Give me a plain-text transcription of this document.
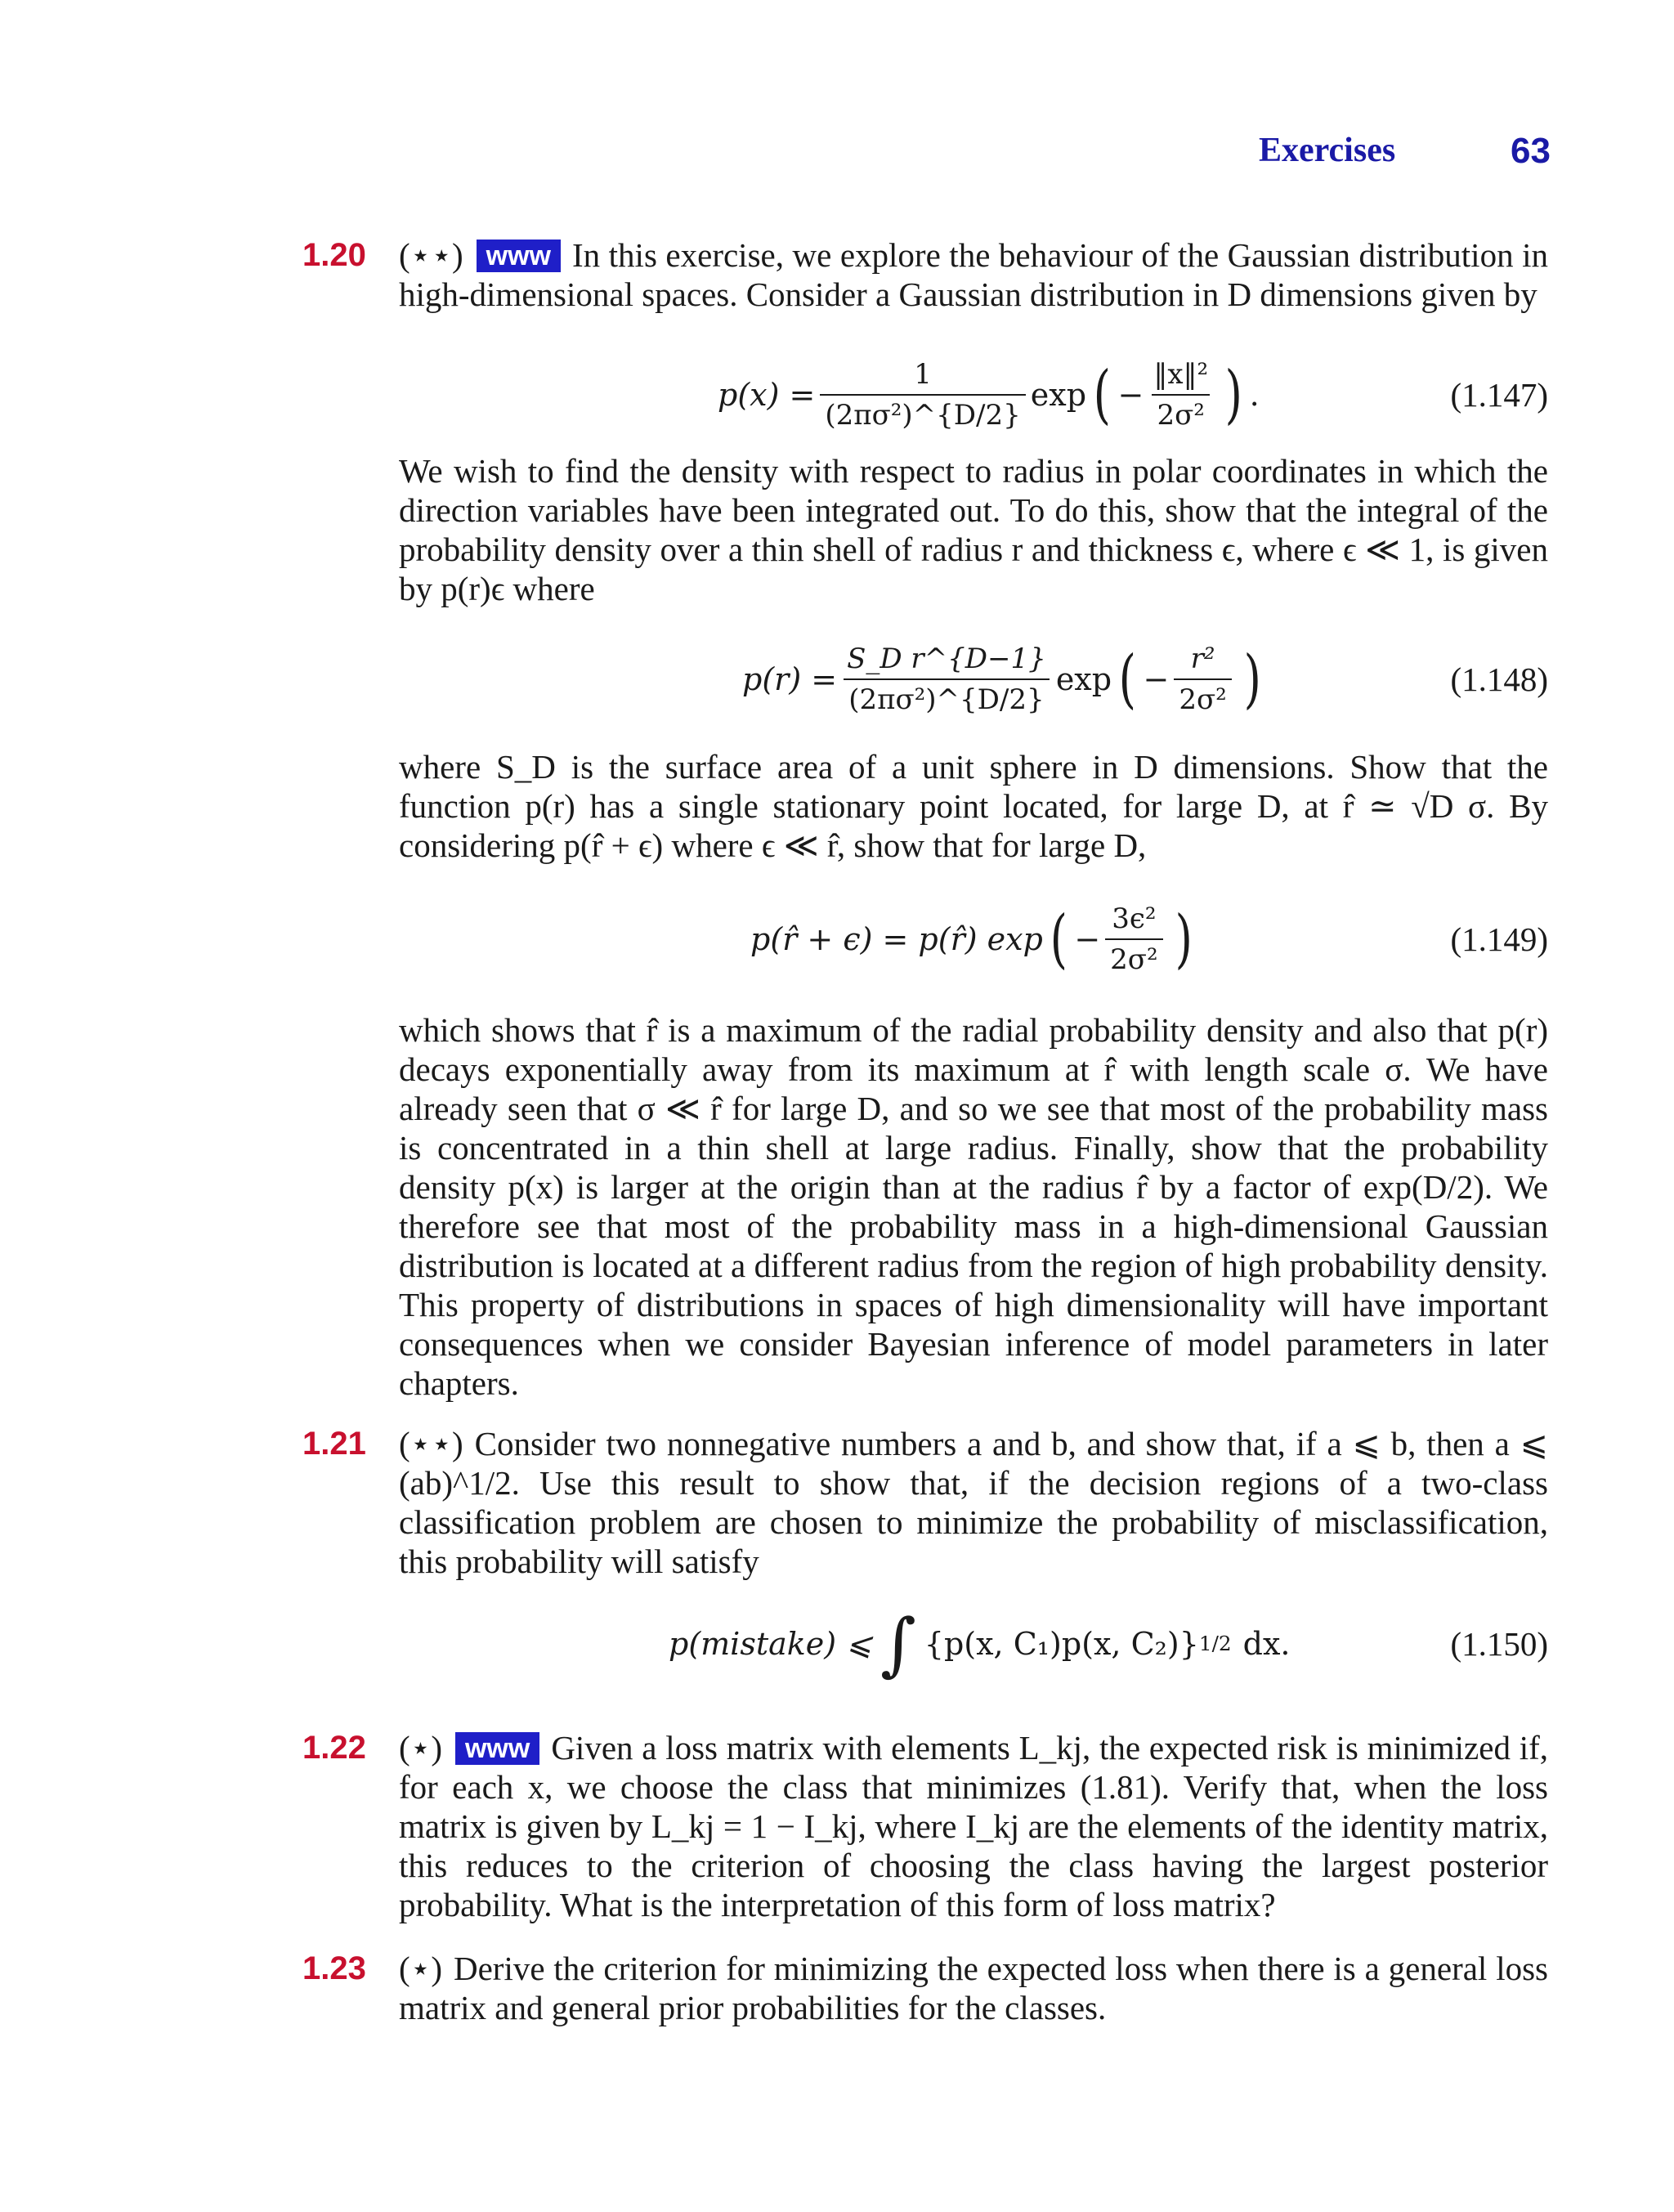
Exercises	63
1.20 (⋆⋆) www In this exercise, we explore the behaviour of the Gaussian distribution in high-dimensional spaces. Consider a Gaussian distribution in D dimensions given by

$p(x) = \frac{1}{\text{(2πσ²)\textasciicircum{}\{D/2\}}}$ exp ( − $\frac{\text{‖x‖²}}{\text{2σ²}}$ ) .	(1.147)

We wish to find the density with respect to radius in polar coordinates in which the direction variables have been integrated out. To do this, show that the integral of the probability density over a thin shell of radius r and thickness ϵ, where ϵ ≪ 1, is given by p(r)ϵ where

$p(r) = \frac{\text{S\_D r\textasciicircum{}\{D−1\}}}{\text{(2πσ²)\textasciicircum{}\{D/2\}}}$ exp ( − $\frac{\text{r²}}{\text{2σ²}}$ )	(1.148)

where S_D is the surface area of a unit sphere in D dimensions. Show that the function p(r) has a single stationary point located, for large D, at r̂ ≃ √D σ. By considering p(r̂ + ϵ) where ϵ ≪ r̂, show that for large D,

p(r̂ + ϵ) = p(r̂) exp ( − $\frac{\text{3ϵ²}}{\text{2σ²}}$ )	(1.149)

which shows that r̂ is a maximum of the radial probability density and also that p(r) decays exponentially away from its maximum at r̂ with length scale σ. We have already seen that σ ≪ r̂ for large D, and so we see that most of the probability mass is concentrated in a thin shell at large radius. Finally, show that the probability density p(x) is larger at the origin than at the radius r̂ by a factor of exp(D/2). We therefore see that most of the probability mass in a high-dimensional Gaussian distribution is located at a different radius from the region of high probability density. This property of distributions in spaces of high dimensionality will have important consequences when we consider Bayesian inference of model parameters in later chapters.

1.21 (⋆⋆) Consider two nonnegative numbers a and b, and show that, if a ⩽ b, then a ⩽ (ab)^1/2. Use this result to show that, if the decision regions of a two-class classification problem are chosen to minimize the probability of misclassification, this probability will satisfy

p(mistake) ⩽ ∫ {p(x, C₁)p(x, C₂)} 1/2 dx.	(1.150)
1.22 (⋆) www Given a loss matrix with elements L_kj, the expected risk is minimized if, for each x, we choose the class that minimizes (1.81). Verify that, when the loss matrix is given by L_kj = 1 − I_kj, where I_kj are the elements of the identity matrix, this reduces to the criterion of choosing the class having the largest posterior probability. What is the interpretation of this form of loss matrix?

1.23 (⋆) Derive the criterion for minimizing the expected loss when there is a general loss matrix and general prior probabilities for the classes.
